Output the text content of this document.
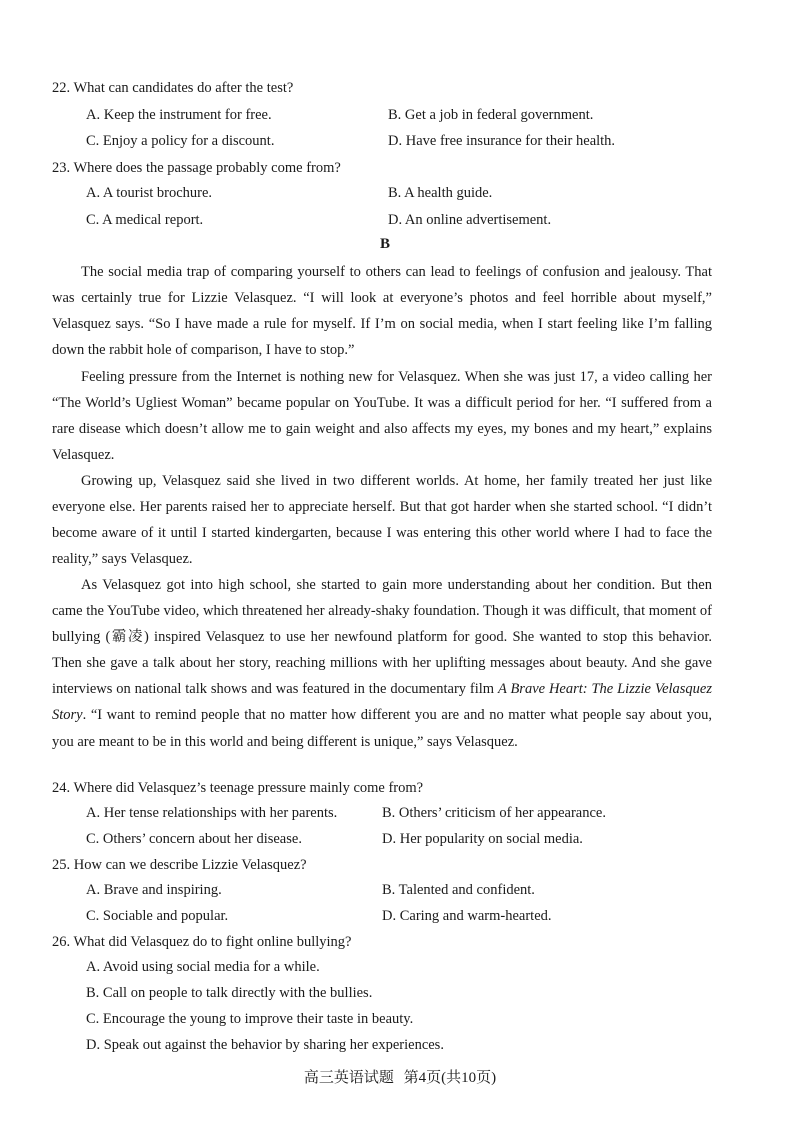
22. What can candidates do after the test?
A. Keep the instrument for free.	B. Get a job in federal government.
C. Enjoy a policy for a discount.	D. Have free insurance for their health.
23. Where does the passage probably come from?
A. A tourist brochure.	B. A health guide.
C. A medical report.	D. An online advertisement.
B

The social media trap of comparing yourself to others can lead to feelings of confusion and jealousy. That was certainly true for Lizzie Velasquez. “I will look at everyone’s photos and feel horrible about myself,” Velasquez says. “So I have made a rule for myself. If I’m on social media, when I start feeling like I’m falling down the rabbit hole of comparison, I have to stop.”

Feeling pressure from the Internet is nothing new for Velasquez. When she was just 17, a video calling her “The World’s Ugliest Woman” became popular on YouTube. It was a difficult period for her. “I suffered from a rare disease which doesn’t allow me to gain weight and also affects my eyes, my bones and my heart,” explains Velasquez.

Growing up, Velasquez said she lived in two different worlds. At home, her family treated her just like everyone else. Her parents raised her to appreciate herself. But that got harder when she started school. “I didn’t become aware of it until I started kindergarten, because I was entering this other world where I had to face the reality,” says Velasquez.

As Velasquez got into high school, she started to gain more understanding about her condition. But then came the YouTube video, which threatened her already-shaky foundation. Though it was difficult, that moment of bullying (霸凌) inspired Velasquez to use her newfound platform for good. She wanted to stop this behavior. Then she gave a talk about her story, reaching millions with her uplifting messages about beauty. And she gave interviews on national talk shows and was featured in the documentary film A Brave Heart: The Lizzie Velasquez Story. “I want to remind people that no matter how different you are and no matter what people say about you, you are meant to be in this world and being different is unique,” says Velasquez.

24. Where did Velasquez’s teenage pressure mainly come from?
A. Her tense relationships with her parents.	B. Others’ criticism of her appearance.
C. Others’ concern about her disease.	D. Her popularity on social media.
25. How can we describe Lizzie Velasquez?
A. Brave and inspiring.	B. Talented and confident.
C. Sociable and popular.	D. Caring and warm-hearted.
26. What did Velasquez do to fight online bullying?
A. Avoid using social media for a while.
B. Call on people to talk directly with the bullies.
C. Encourage the young to improve their taste in beauty.
D. Speak out against the behavior by sharing her experiences.
高三英语试题 第4页(共10页)
